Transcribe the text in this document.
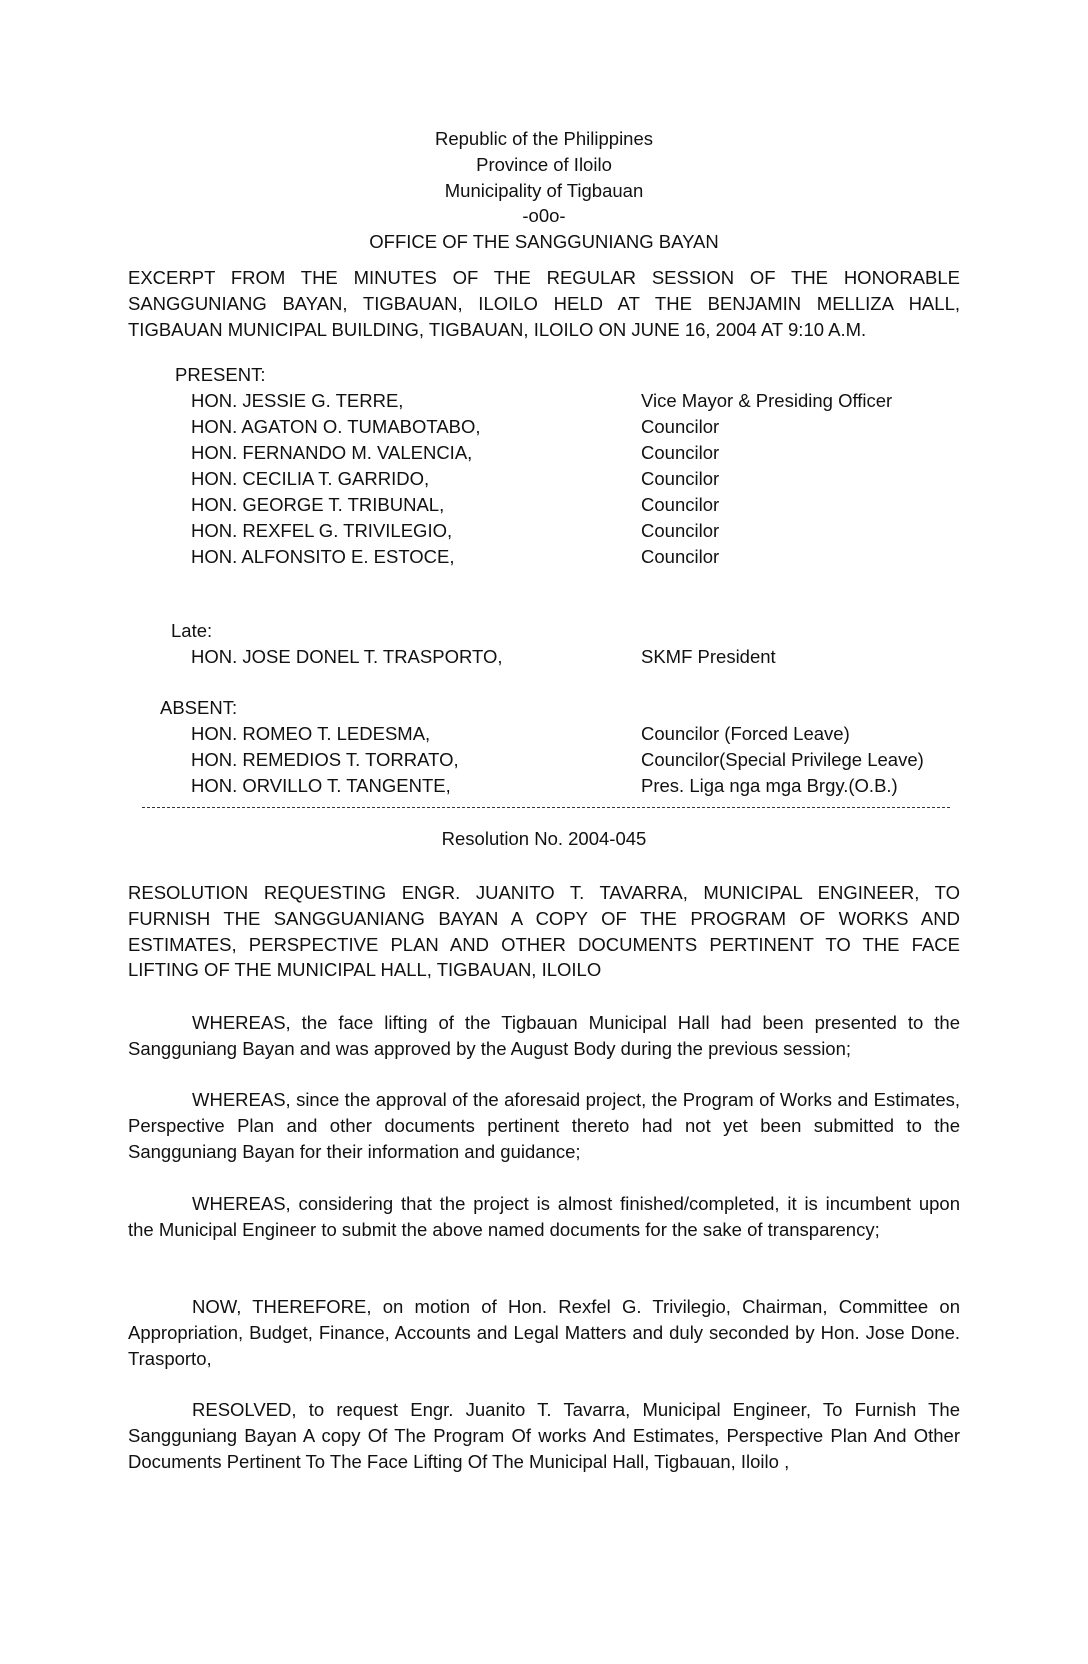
Republic of the Philippines
Province of Iloilo
Municipality of Tigbauan
-o0o-
OFFICE OF THE SANGGUNIANG BAYAN
EXCERPT FROM THE MINUTES OF THE REGULAR SESSION OF THE HONORABLE
SANGGUNIANG BAYAN, TIGBAUAN, ILOILO HELD AT THE BENJAMIN MELLIZA HALL,
TIGBAUAN MUNICIPAL BUILDING, TIGBAUAN, ILOILO ON JUNE 16, 2004 AT 9:10 A.M.
PRESENT:
HON. JESSIE G. TERRE,	Vice Mayor & Presiding Officer
HON. AGATON O. TUMABOTABO,	Councilor
HON. FERNANDO M. VALENCIA,	Councilor
HON. CECILIA T. GARRIDO,	Councilor
HON. GEORGE T. TRIBUNAL,	Councilor
HON. REXFEL G. TRIVILEGIO,	Councilor
HON. ALFONSITO E. ESTOCE,	Councilor
Late:
HON. JOSE DONEL T. TRASPORTO,	SKMF President
ABSENT:
HON. ROMEO T. LEDESMA,	Councilor (Forced Leave)
HON. REMEDIOS T. TORRATO,	Councilor(Special Privilege Leave)
HON. ORVILLO T. TANGENTE,	Pres. Liga nga mga Brgy.(O.B.)
Resolution No. 2004-045
RESOLUTION REQUESTING ENGR. JUANITO T. TAVARRA, MUNICIPAL ENGINEER, TO
FURNISH THE SANGGUANIANG BAYAN A COPY OF THE PROGRAM OF WORKS AND
ESTIMATES, PERSPECTIVE PLAN AND OTHER DOCUMENTS PERTINENT TO THE FACE
LIFTING OF THE MUNICIPAL HALL, TIGBAUAN, ILOILO

WHEREAS, the face lifting of the Tigbauan Municipal Hall had been presented to the Sangguniang Bayan and was approved by the August Body during the previous session;

WHEREAS, since the approval of the aforesaid project, the Program of Works and Estimates, Perspective Plan and other documents pertinent thereto had not yet been submitted to the Sangguniang Bayan for their information and guidance;

WHEREAS, considering that the project is almost finished/completed, it is incumbent upon the Municipal Engineer to submit the above named documents for the sake of transparency;

NOW, THEREFORE, on motion of Hon. Rexfel G. Trivilegio, Chairman, Committee on Appropriation, Budget, Finance, Accounts and Legal Matters and duly seconded by Hon. Jose Done. Trasporto,

RESOLVED, to request Engr. Juanito T. Tavarra, Municipal Engineer, To Furnish The Sangguniang Bayan A copy Of The Program Of works And Estimates, Perspective Plan And Other Documents Pertinent To The Face Lifting Of The Municipal Hall, Tigbauan, Iloilo ,
